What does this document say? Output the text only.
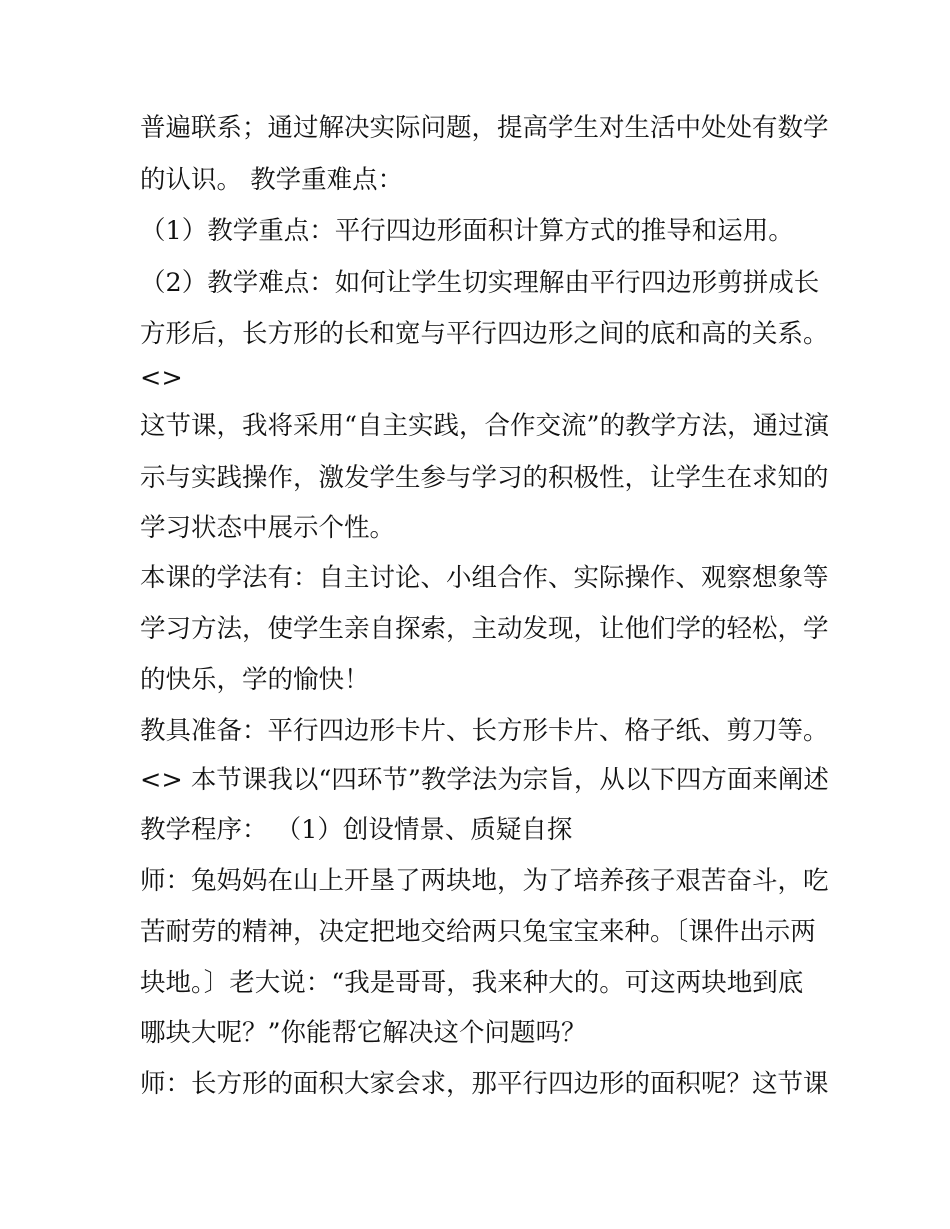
普遍联系；通过解决实际问题，提高学生对生活中处处有数学
的认识。 教学重难点：
（1）教学重点：平行四边形面积计算方式的推导和运用。
（2）教学难点：如何让学生切实理解由平行四边形剪拼成长
方形后，长方形的长和宽与平行四边形之间的底和高的关系。
<>
这节课，我将采用“自主实践，合作交流”的教学方法，通过演
示与实践操作，激发学生参与学习的积极性，让学生在求知的
学习状态中展示个性。
本课的学法有：自主讨论、小组合作、实际操作、观察想象等
学习方法，使学生亲自探索，主动发现，让他们学的轻松，学
的快乐，学的愉快！
教具准备：平行四边形卡片、长方形卡片、格子纸、剪刀等。
<> 本节课我以“四环节”教学法为宗旨，从以下四方面来阐述
教学程序： （1）创设情景、质疑自探
师：兔妈妈在山上开垦了两块地，为了培养孩子艰苦奋斗，吃
苦耐劳的精神，决定把地交给两只兔宝宝来种。〔课件出示两
块地。〕老大说：“我是哥哥，我来种大的。可这两块地到底
哪块大呢？”你能帮它解决这个问题吗？
师：长方形的面积大家会求，那平行四边形的面积呢？这节课
